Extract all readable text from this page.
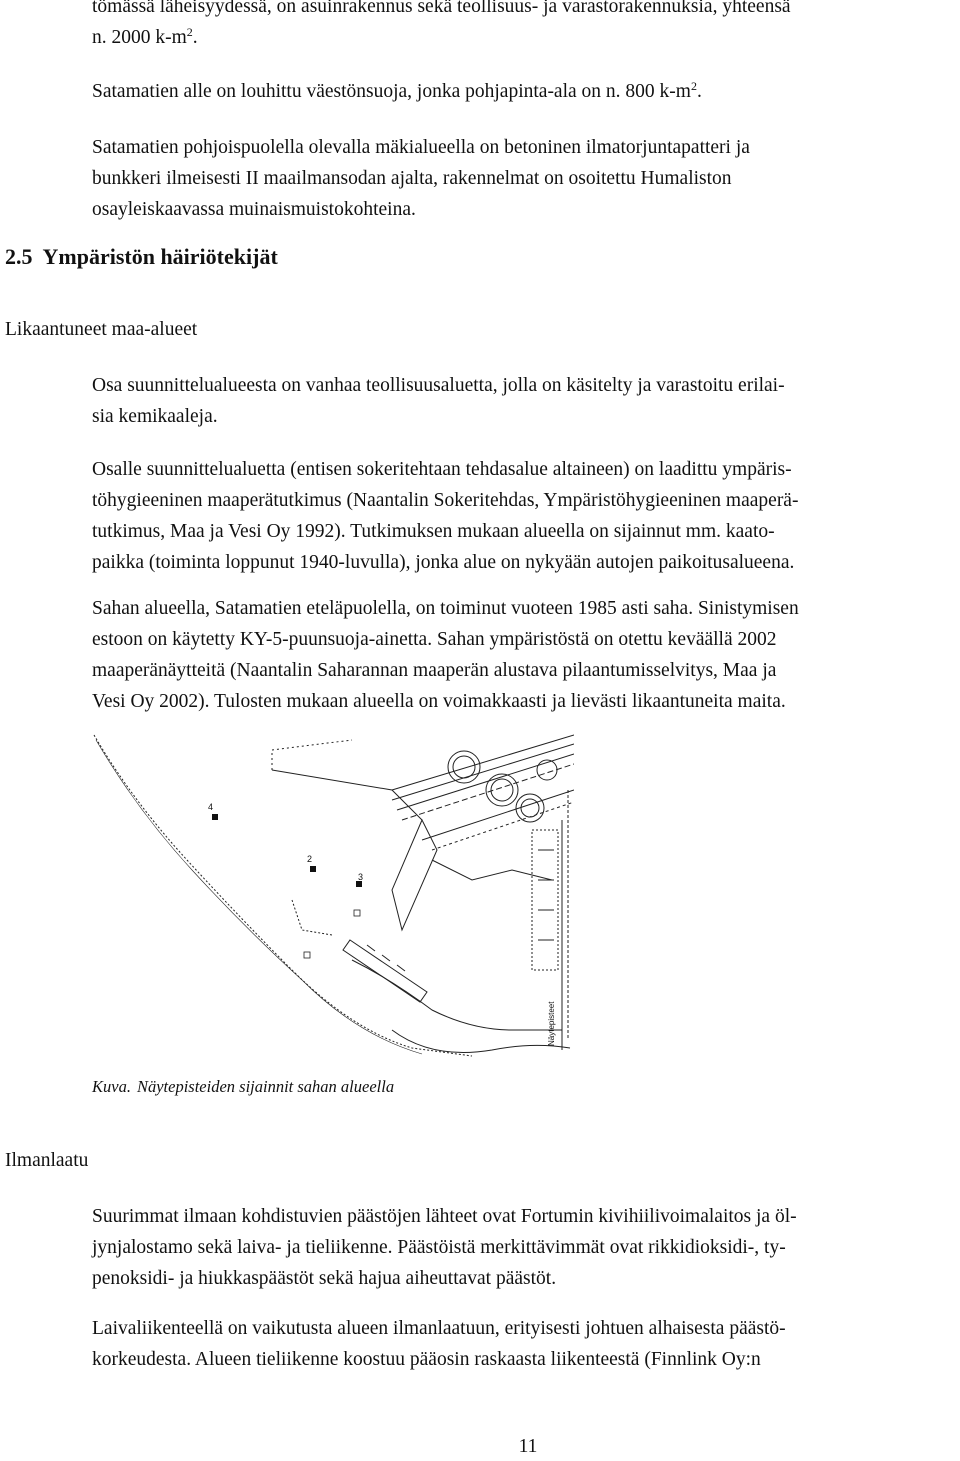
tömässä läheisyydessä, on asuinrakennus sekä teollisuus- ja varastorakennuksia, yhteensä
n. 2000 $k-m^2$.
Satamatien alle on louhittu väestönsuoja, jonka pohjapinta-ala on n. 800 $k-m^2$.
Satamatien pohjoispuolella olevalla mäkialueella on betoninen ilmatorjuntapatteri ja
bunkkeri ilmeisesti II maailmansodan ajalta, rakennelmat on osoitettu Humaliston
osayleiskaavassa muinaismuistokohteina.
2.5 Ympäristön häiriötekijät

Likaantuneet maa-alueet

Osa suunnittelualueesta on vanhaa teollisuusaluetta, jolla on käsitelty ja varastoitu erilai-
sia kemikaaleja.
Osalle suunnittelualuetta (entisen sokeritehtaan tehdasalue altaineen) on laadittu ympäris-
töhygieeninen maaperätutkimus (Naantalin Sokeritehdas, Ympäristöhygieeninen maaperä-
tutkimus, Maa ja Vesi Oy 1992). Tutkimuksen mukaan alueella on sijainnut mm. kaato-
paikka (toiminta loppunut 1940-luvulla), jonka alue on nykyään autojen paikoitusalueena.
Sahan alueella, Satamatien eteläpuolella, on toiminut vuoteen 1985 asti saha. Sinistymisen
estoon on käytetty KY-5-puunsuoja-ainetta. Sahan ympäristöstä on otettu keväällä 2002
maaperänäytteitä (Naantalin Saharannan maaperän alustava pilaantumisselvitys, Maa ja
Vesi Oy 2002). Tulosten mukaan alueella on voimakkaasti ja lievästi likaantuneita maita.
4
2
3
Näytepisteet

Kuva. Näytepisteiden sijainnit sahan alueella

Ilmanlaatu

Suurimmat ilmaan kohdistuvien päästöjen lähteet ovat Fortumin kivihiilivoimalaitos ja öl-
jynjalostamo sekä laiva- ja tieliikenne. Päästöistä merkittävimmät ovat rikkidioksidi-, ty-
penoksidi- ja hiukkaspäästöt sekä hajua aiheuttavat päästöt.
Laivaliikenteellä on vaikutusta alueen ilmanlaatuun, erityisesti johtuen alhaisesta päästö-
korkeudesta. Alueen tieliikenne koostuu pääosin raskaasta liikenteestä (Finnlink Oy:n

11
